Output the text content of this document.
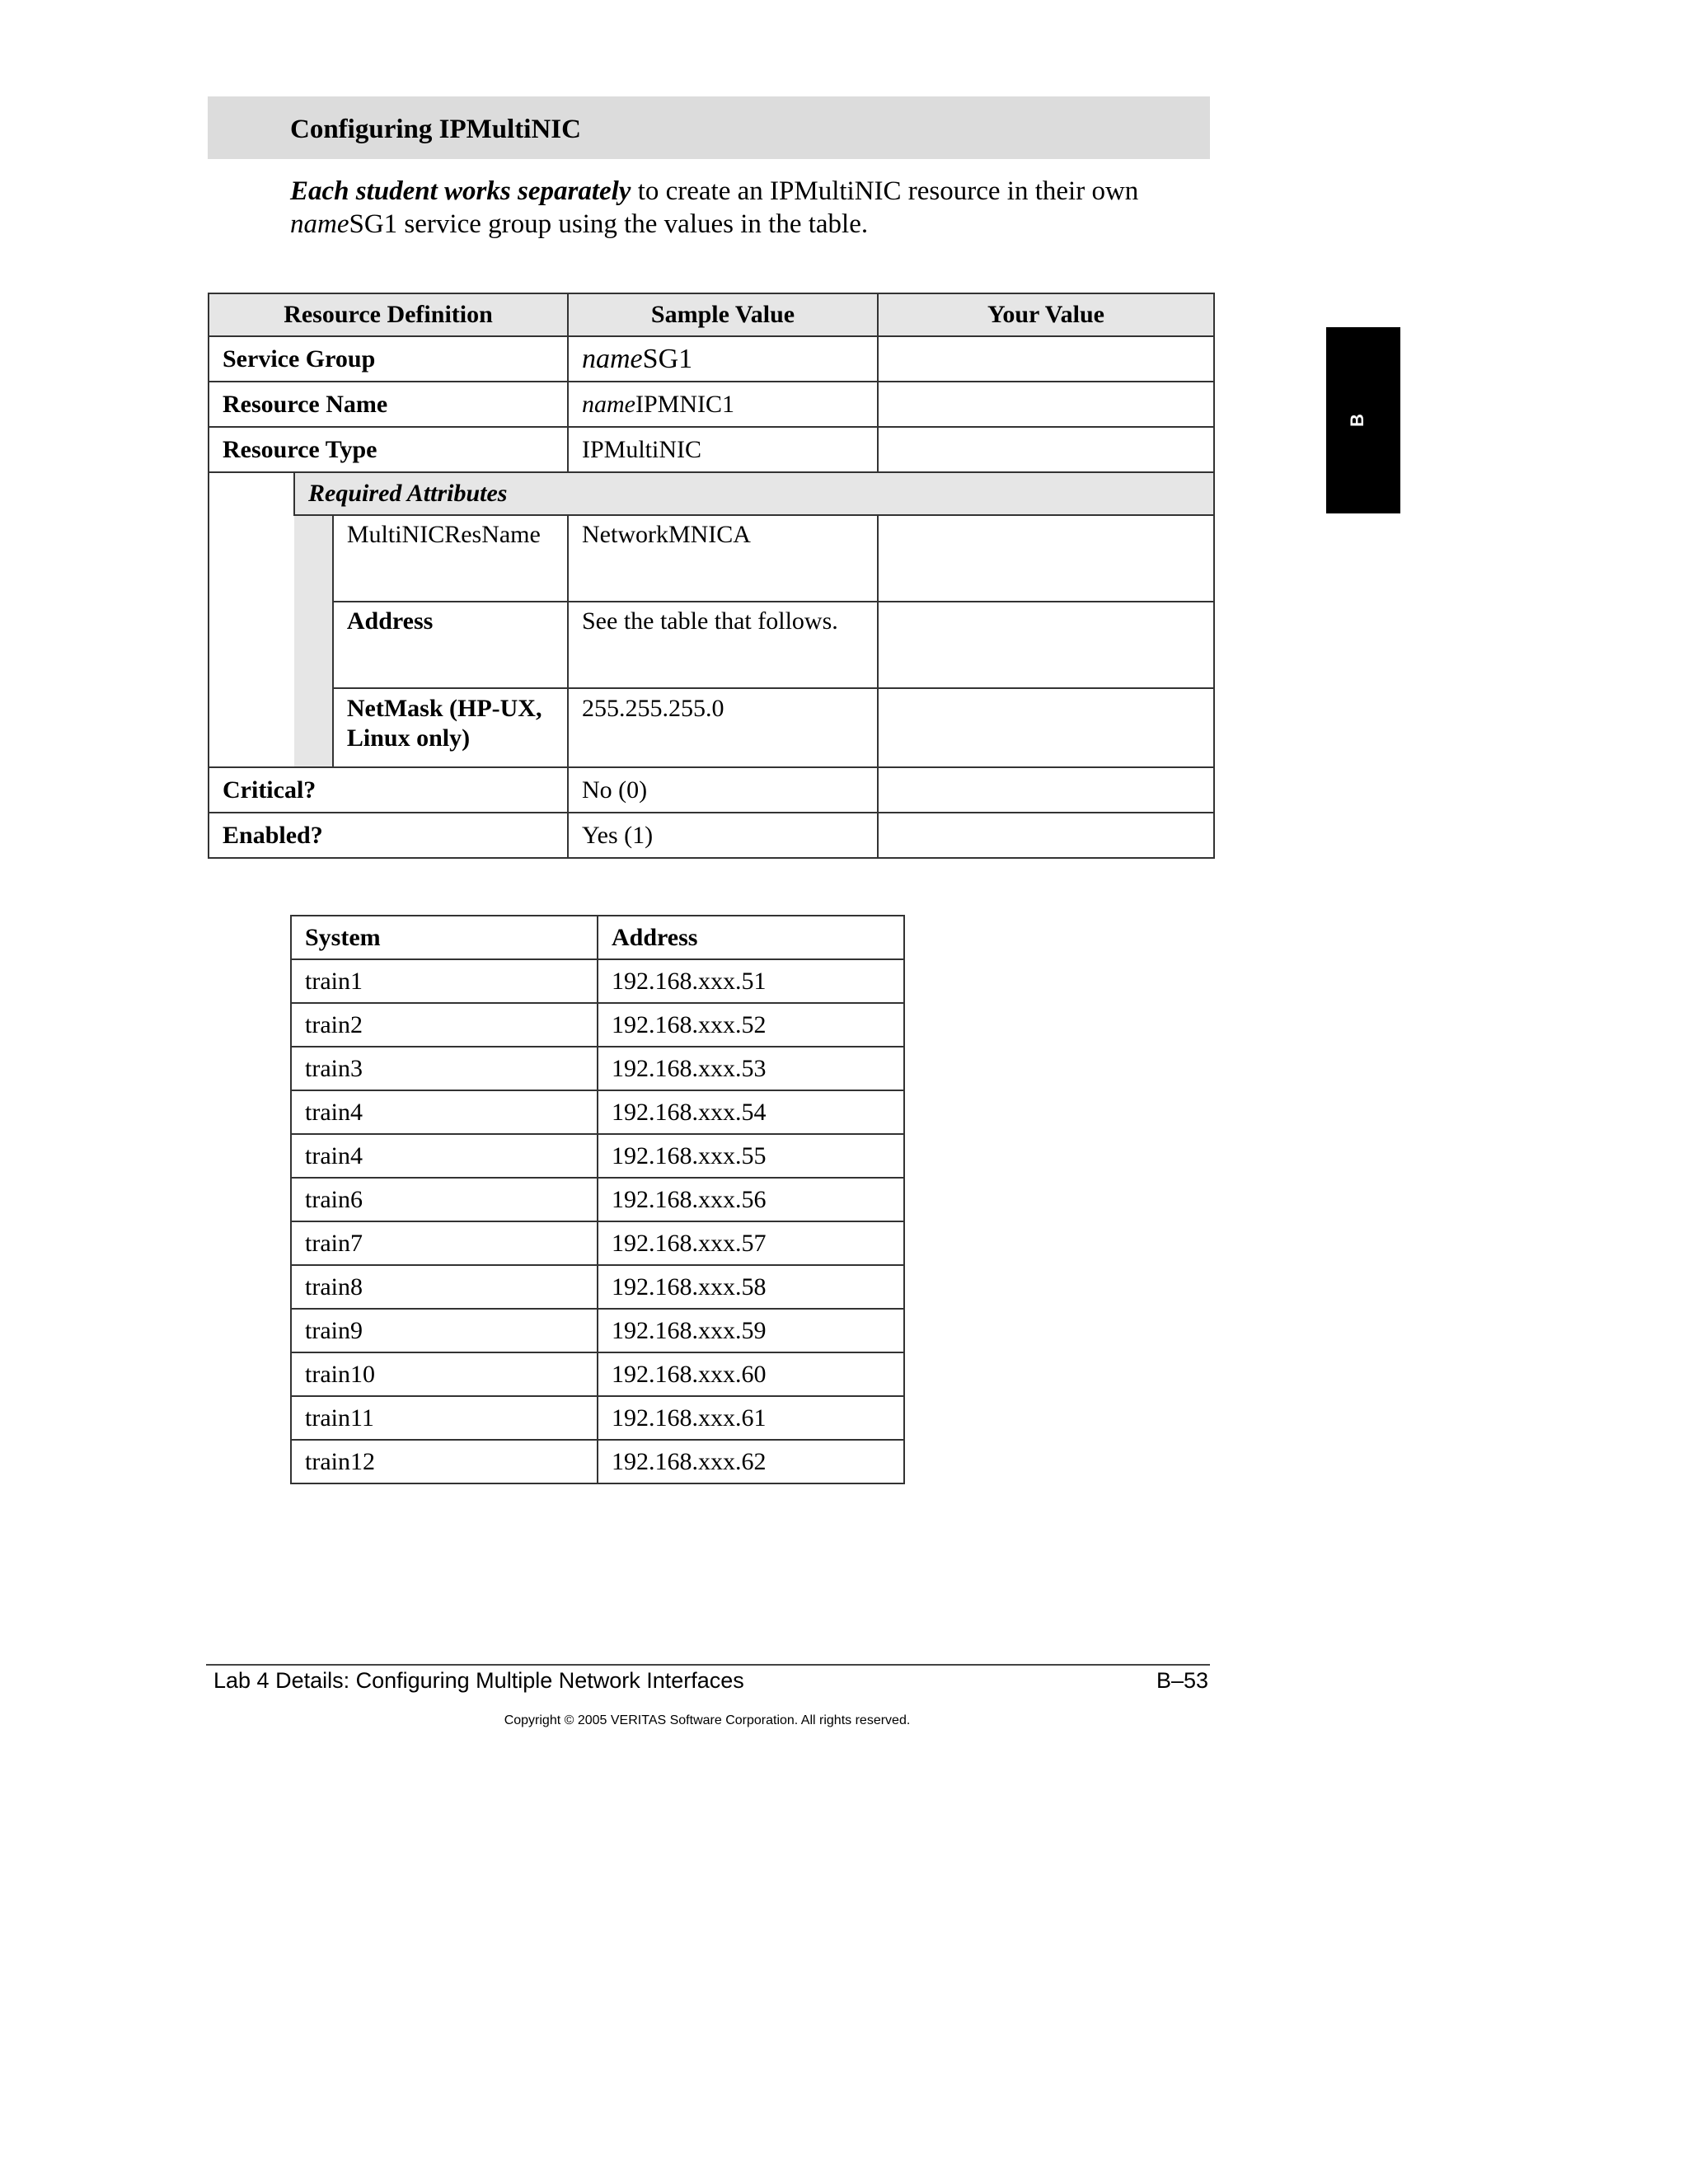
Configuring IPMultiNIC

Each student works separately to create an IPMultiNIC resource in their own
nameSG1 service group using the values in the table.

Resource Definition			Sample Value	Your Value
Service Group			nameSG1	
Resource Name			nameIPMNIC1	
Resource Type			IPMultiNIC	
	Required Attributes			
		MultiNICResName	NetworkMNICA	
		Address	See the table that follows.	
		NetMask (HP-UX, Linux only)	255.255.255.0	
Critical?			No (0)	
Enabled?			Yes (1)	
System	Address
train1	192.168.xxx.51
train2	192.168.xxx.52
train3	192.168.xxx.53
train4	192.168.xxx.54
train4	192.168.xxx.55
train6	192.168.xxx.56
train7	192.168.xxx.57
train8	192.168.xxx.58
train9	192.168.xxx.59
train10	192.168.xxx.60
train11	192.168.xxx.61
train12	192.168.xxx.62
B
Lab 4 Details: Configuring Multiple Network Interfaces	B–53
Copyright © 2005 VERITAS Software Corporation. All rights reserved.
